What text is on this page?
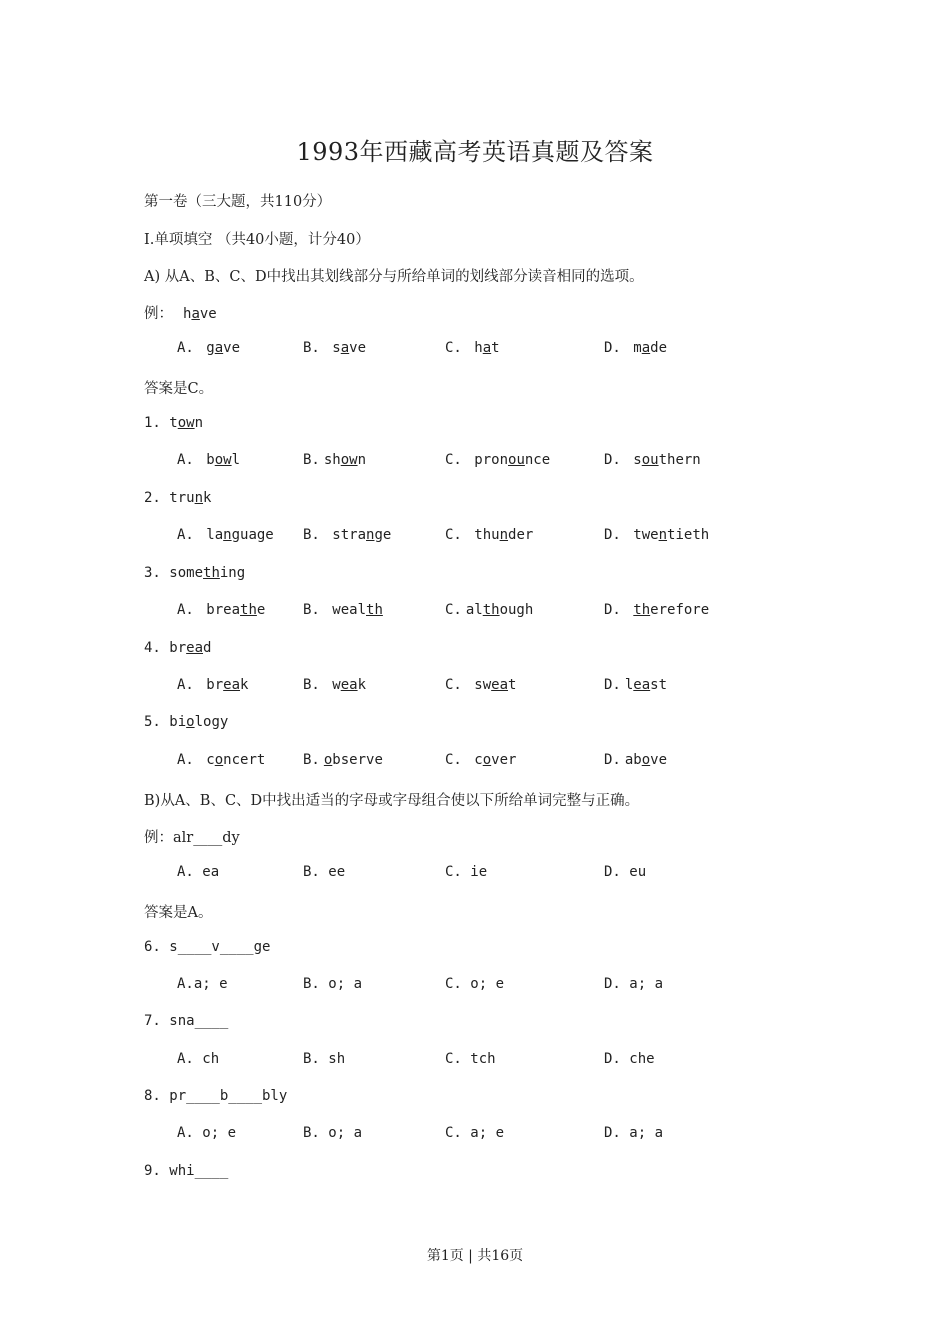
1993年西藏高考英语真题及答案
第一卷（三大题，共110分）
Ⅰ.单项填空 （共40小题，计分40）
A) 从A、B、C、D中找出其划线部分与所给单词的划线部分读音相同的选项。
例： have
A. gave	B. save	C. hat	D. made
答案是C。
1. town
A. bowl	B. shown	C. pronounce	D. southern
2. trunk
A. language B. strange	C. thunder	D. twentieth
3. something
A. breathe	B. wealth	C. although	D. therefore
4. bread
A. break	B. weak	C. sweat	D. least
5. biology
A. concert	B. observe	C. cover	D. above
B)从A、B、C、D中找出适当的字母或字母组合使以下所给单词完整与正确。
例：alr____dy
A. ea	B. ee	C. ie	D. eu
答案是A。
6. s____v____ge
A.a; e	B. o; a	C. o; e	D. a; a
7. sna____
A. ch	B. sh	C. tch	D. che
8. pr____b____bly
A. o; e	B. o; a	C. a; e	D. a; a
9. whi____
第1页 | 共16页
